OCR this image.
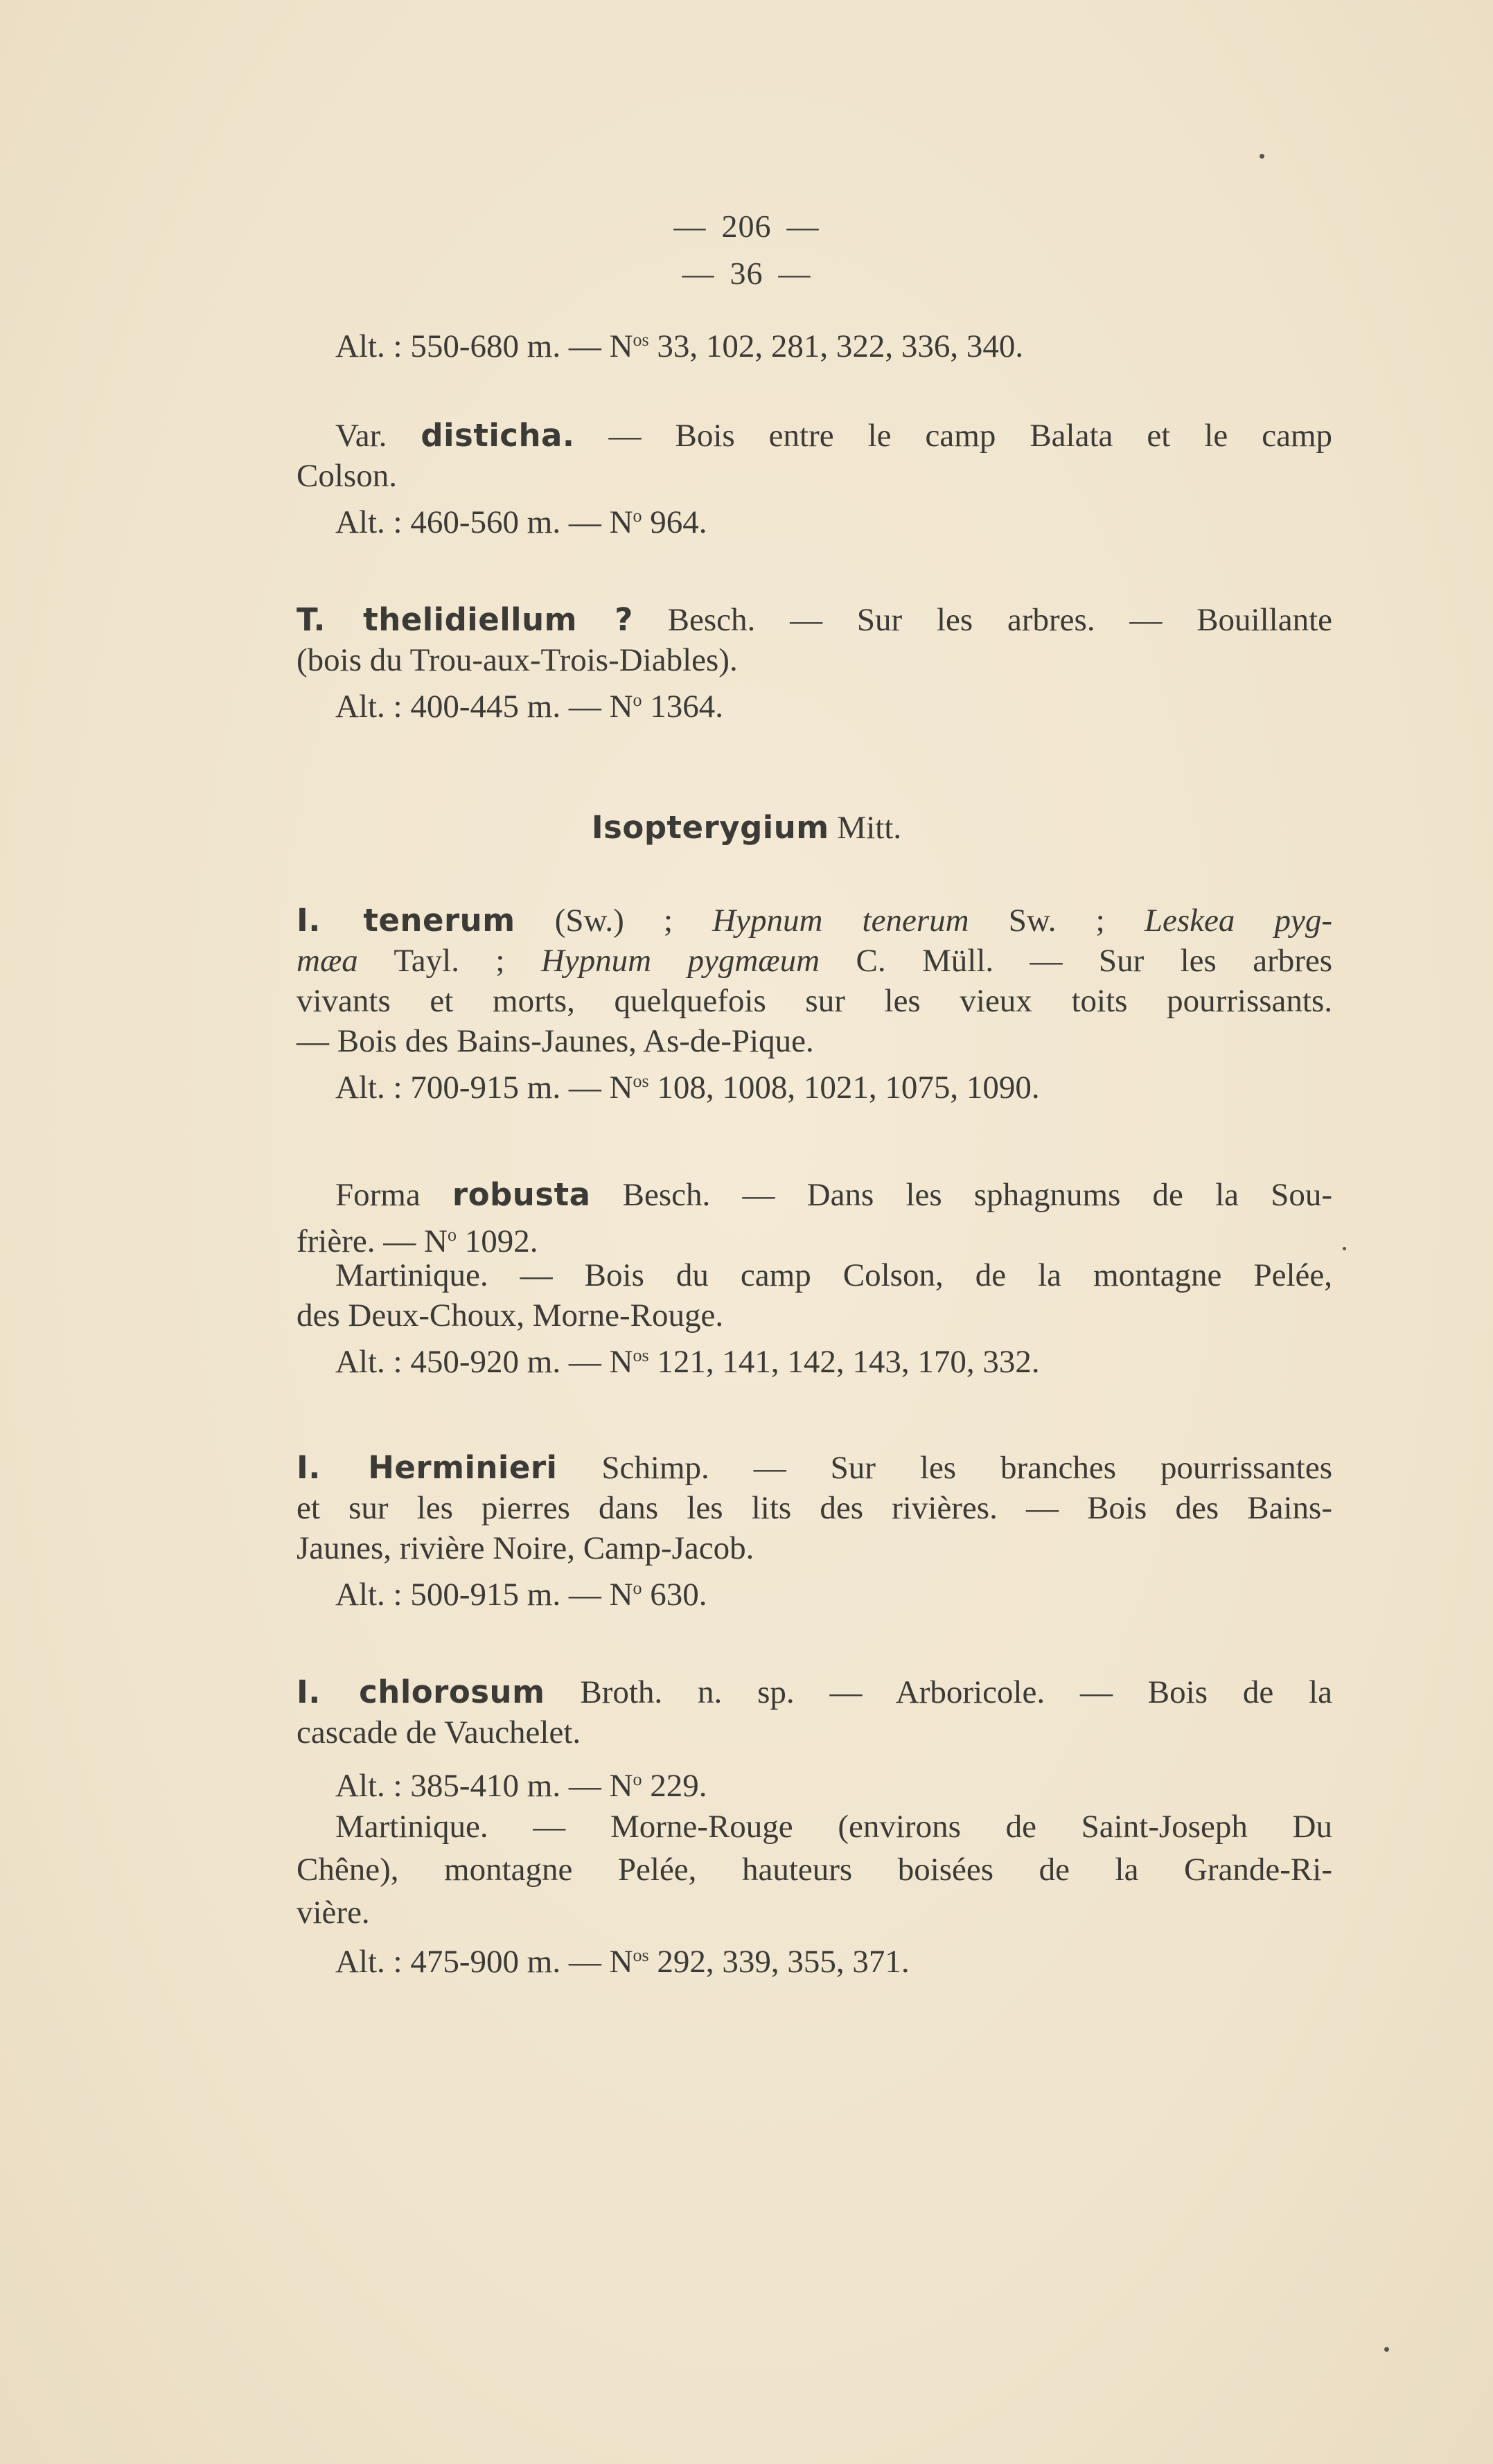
— 206 —
— 36 —
Alt. : 550-680 m. — $N^{os}$ 33, 102, 281, 322, 336, 340.
Var. disticha. — Bois entre le camp Balata et le camp
Colson.
Alt. : 460-560 m. — $N^o$ 964.
T. thelidiellum ? Besch. — Sur les arbres. — Bouillante
(bois du Trou-aux-Trois-Diables).
Alt. : 400-445 m. — $N^o$ 1364.
Isopterygium Mitt.
I. tenerum (Sw.) ; Hypnum tenerum Sw. ; Leskea pyg-
mæa Tayl. ; Hypnum pygmæum C. Müll. — Sur les arbres
vivants et morts, quelquefois sur les vieux toits pourrissants.
— Bois des Bains-Jaunes, As-de-Pique.
Alt. : 700-915 m. — $N^{os}$ 108, 1008, 1021, 1075, 1090.
Forma robusta Besch. — Dans les sphagnums de la Sou-
frière. — $N^o$ 1092.
Martinique. — Bois du camp Colson, de la montagne Pelée,
des Deux-Choux, Morne-Rouge.
Alt. : 450-920 m. — $N^{os}$ 121, 141, 142, 143, 170, 332.
I. Herminieri Schimp. — Sur les branches pourrissantes
et sur les pierres dans les lits des rivières. — Bois des Bains-
Jaunes, rivière Noire, Camp-Jacob.
Alt. : 500-915 m. — $N^o$ 630.
I. chlorosum Broth. n. sp. — Arboricole. — Bois de la
cascade de Vauchelet.
Alt. : 385-410 m. — $N^o$ 229.
Martinique. — Morne-Rouge (environs de Saint-Joseph Du
Chêne), montagne Pelée, hauteurs boisées de la Grande-Ri-
vière.
Alt. : 475-900 m. — $N^{os}$ 292, 339, 355, 371.
